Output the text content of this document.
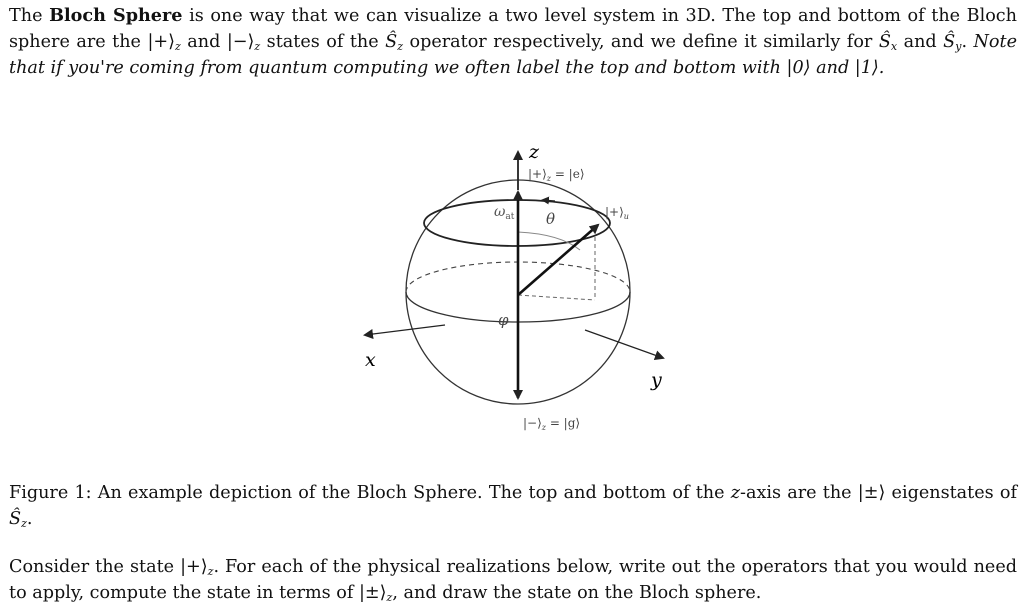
The Bloch Sphere is one way that we can visualize a two level system in 3D. The top and bottom of the Bloch sphere are the $|+⟩_z$ and $|-⟩_z$ states of the $Ŝ_z$ operator respectively, and we define it similarly for $Ŝ_x$ and $Ŝ_y$. Note that if you're coming from quantum computing we often label the top and bottom with |0⟩ and |1⟩.
z
x
y
$|+⟩_z$ = |e⟩
$|-⟩_z$ = |g⟩
$\omega_{at}$ θ
φ
$|+⟩_u$
Figure 1: An example depiction of the Bloch Sphere. The top and bottom of the z-axis are the |±⟩ eigenstates of $Ŝ_z$.
Consider the state $|+⟩_z$. For each of the physical realizations below, write out the operators that you would need to apply, compute the state in terms of $|\pm⟩_z$, and draw the state on the Bloch sphere.
